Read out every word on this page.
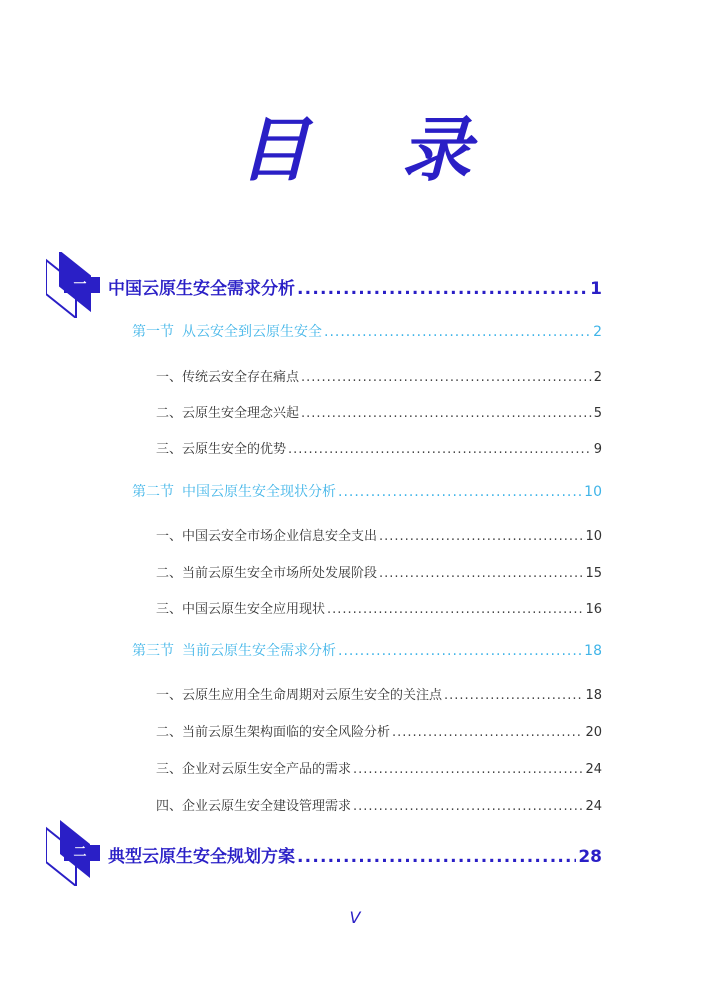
目 录
一	中国云原生安全需求分析 .....	1
第一节 从云安全到云原生安全 .....	2
一、传统云安全存在痛点 .....	2
二、云原生安全理念兴起 .....	5
三、云原生安全的优势 .....	9
第二节 中国云原生安全现状分析 .....	10
一、中国云安全市场企业信息安全支出 .....	10
二、当前云原生安全市场所处发展阶段 .....	15
三、中国云原生安全应用现状 .....	16
第三节 当前云原生安全需求分析 .....	18
一、云原生应用全生命周期对云原生安全的关注点 .....	18
二、当前云原生架构面临的安全风险分析 .....	20
三、企业对云原生安全产品的需求 .....	24
四、企业云原生安全建设管理需求 .....	24
二	典型云原生安全规划方案 .....	28
V
